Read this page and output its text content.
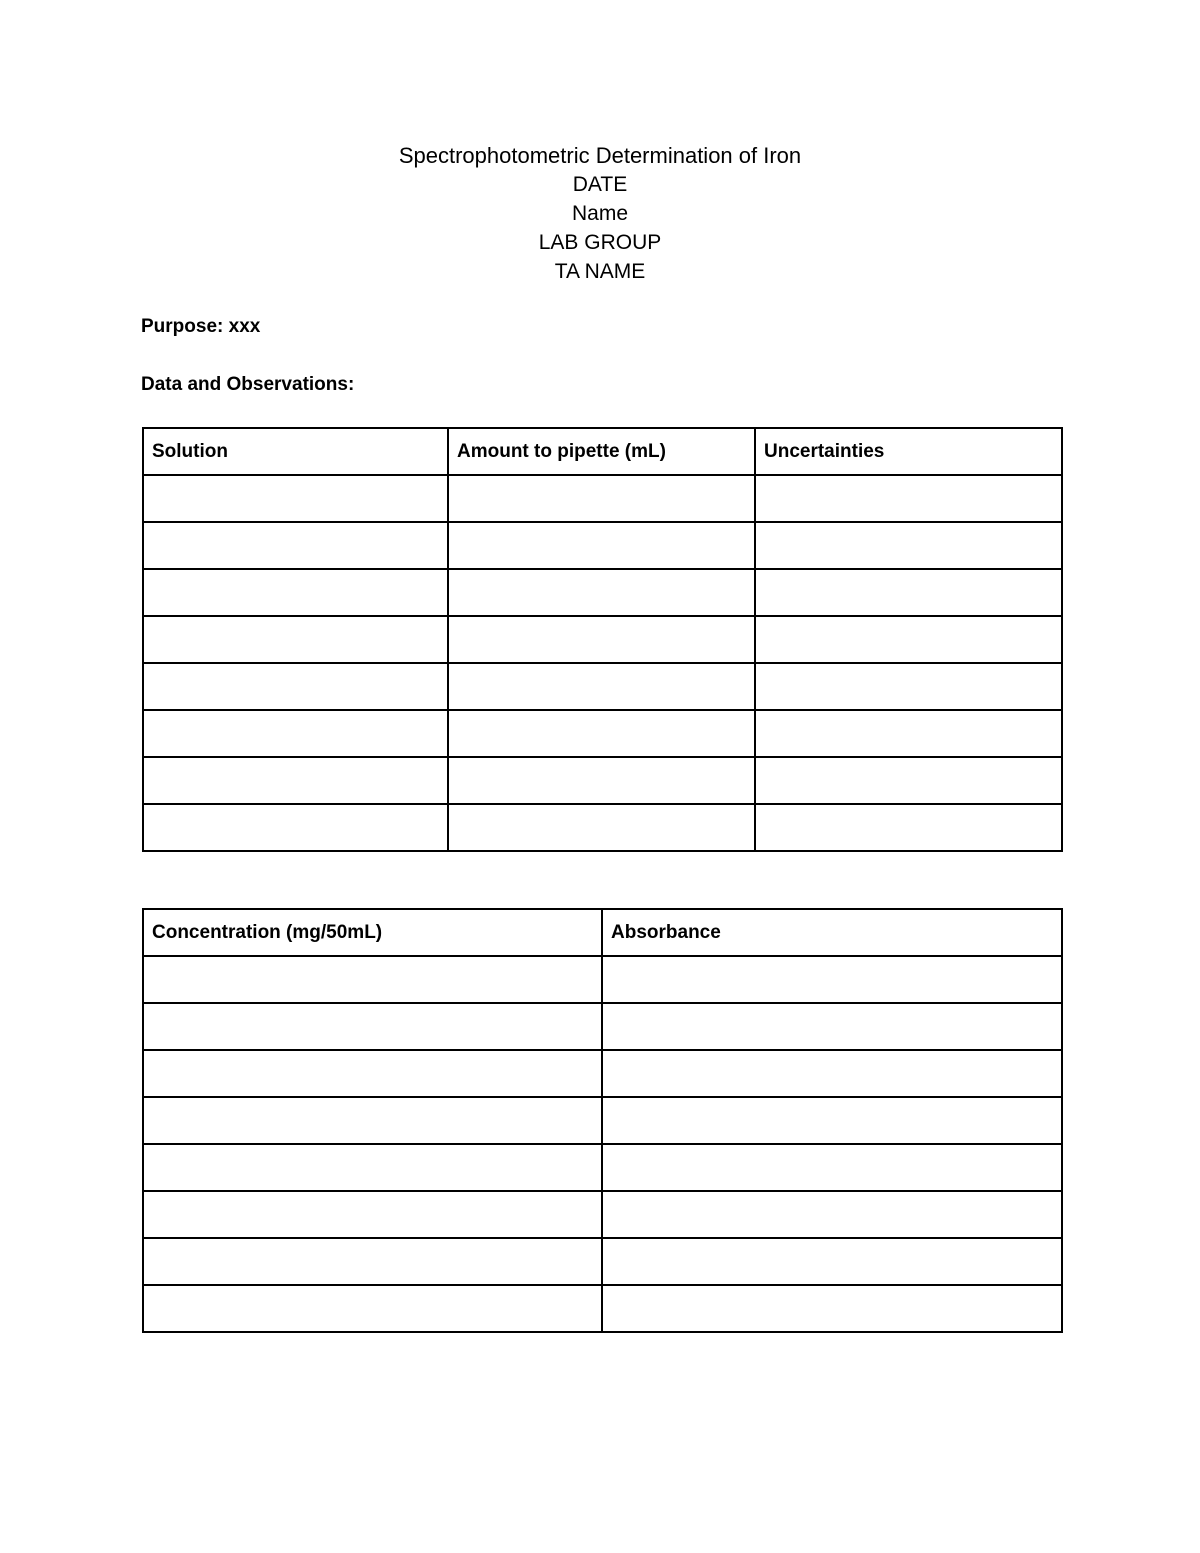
Spectrophotometric Determination of Iron
DATE
Name
LAB GROUP
TA NAME
Purpose: xxx
Data and Observations:
Solution	Amount to pipette (mL)	Uncertainties

Concentration (mg/50mL)	Absorbance
